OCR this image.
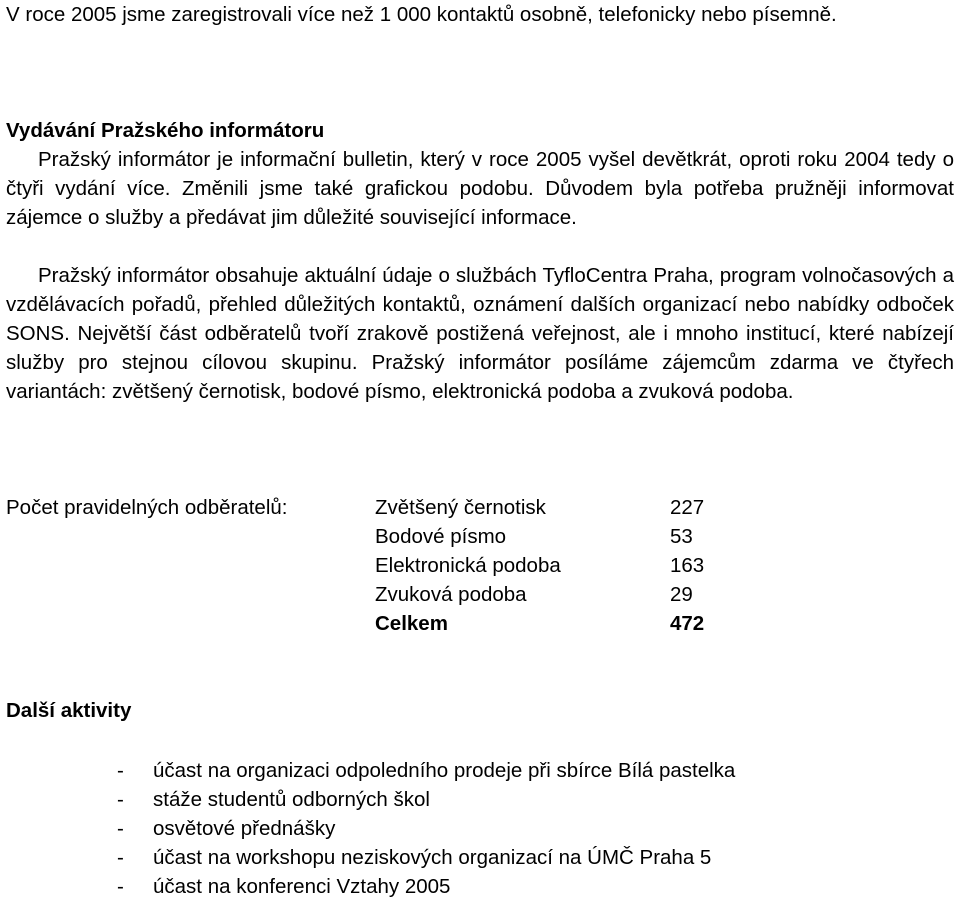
V roce 2005 jsme zaregistrovali více než 1 000 kontaktů osobně, telefonicky nebo písemně.

Vydávání Pražského informátoru

Pražský informátor je informační bulletin, který v roce 2005 vyšel devětkrát, oproti roku 2004 tedy o čtyři vydání více. Změnili jsme také grafickou podobu. Důvodem byla potřeba pružněji informovat zájemce o služby a předávat jim důležité související informace.

Pražský informátor obsahuje aktuální údaje o službách TyfloCentra Praha, program volnočasových a vzdělávacích pořadů, přehled důležitých kontaktů, oznámení dalších organizací nebo nabídky odboček SONS. Největší část odběratelů tvoří zrakově postižená veřejnost, ale i mnoho institucí, které nabízejí služby pro stejnou cílovou skupinu. Pražský informátor posíláme zájemcům zdarma ve čtyřech variantách: zvětšený černotisk, bodové písmo, elektronická podoba a zvuková podoba.

Počet pravidelných odběratelů:	Zvětšený černotisk	227
Bodové písmo	53
Elektronická podoba	163
Zvuková podoba	29
Celkem	472
Další aktivity
- účast na organizaci odpoledního prodeje při sbírce Bílá pastelka
- stáže studentů odborných škol
- osvětové přednášky
- účast na workshopu neziskových organizací na ÚMČ Praha 5
- účast na konferenci Vztahy 2005
